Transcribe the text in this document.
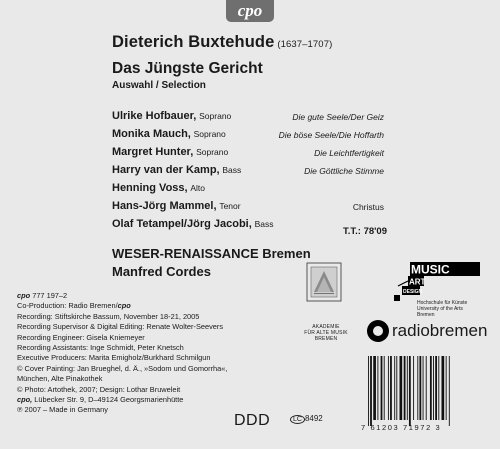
cpo
Dieterich Buxtehude (1637–1707)
Das Jüngste Gericht
Auswahl / Selection
Ulrike Hofbauer, Soprano	Die gute Seele/Der Geiz
Monika Mauch, Soprano	Die böse Seele/Die Hoffarth
Margret Hunter, Soprano	Die Leichtfertigkeit
Harry van der Kamp, Bass	Die Göttliche Stimme
Henning Voss, Alto
Hans-Jörg Mammel, Tenor	Christus
Olaf Tetampel/Jörg Jacobi, Bass
T.T.: 78'09
WESER-RENAISSANCE Bremen
Manfred Cordes
cpo 777 197–2
Co-Production: Radio Bremen/cpo
Recording: Stiftskirche Bassum, November 18-21, 2005
Recording Supervisor & Digital Editing: Renate Wolter-Seevers
Recording Engineer: Gisela Kniemeyer
Recording Assistants: Inge Schmidt, Peter Knetsch
Executive Producers: Marita Emigholz/Burkhard Schmilgun
© Cover Painting: Jan Brueghel, d. Ä., »Sodom und Gomorrha«,
München, Alte Pinakothek
© Photo: Artothek, 2007; Design: Lothar Bruweleit
cpo, Lübecker Str. 9, D–49124 Georgsmarienhütte
℗ 2007 – Made in Germany
AKADEMIE
FÜR ALTE MUSIK
BREMEN
MUSIC
ART
DESIGN
Hochschule für Künste
University of the Arts
Bremen
radiobremen
DDD	LC 8492
7 61203 71972 3
